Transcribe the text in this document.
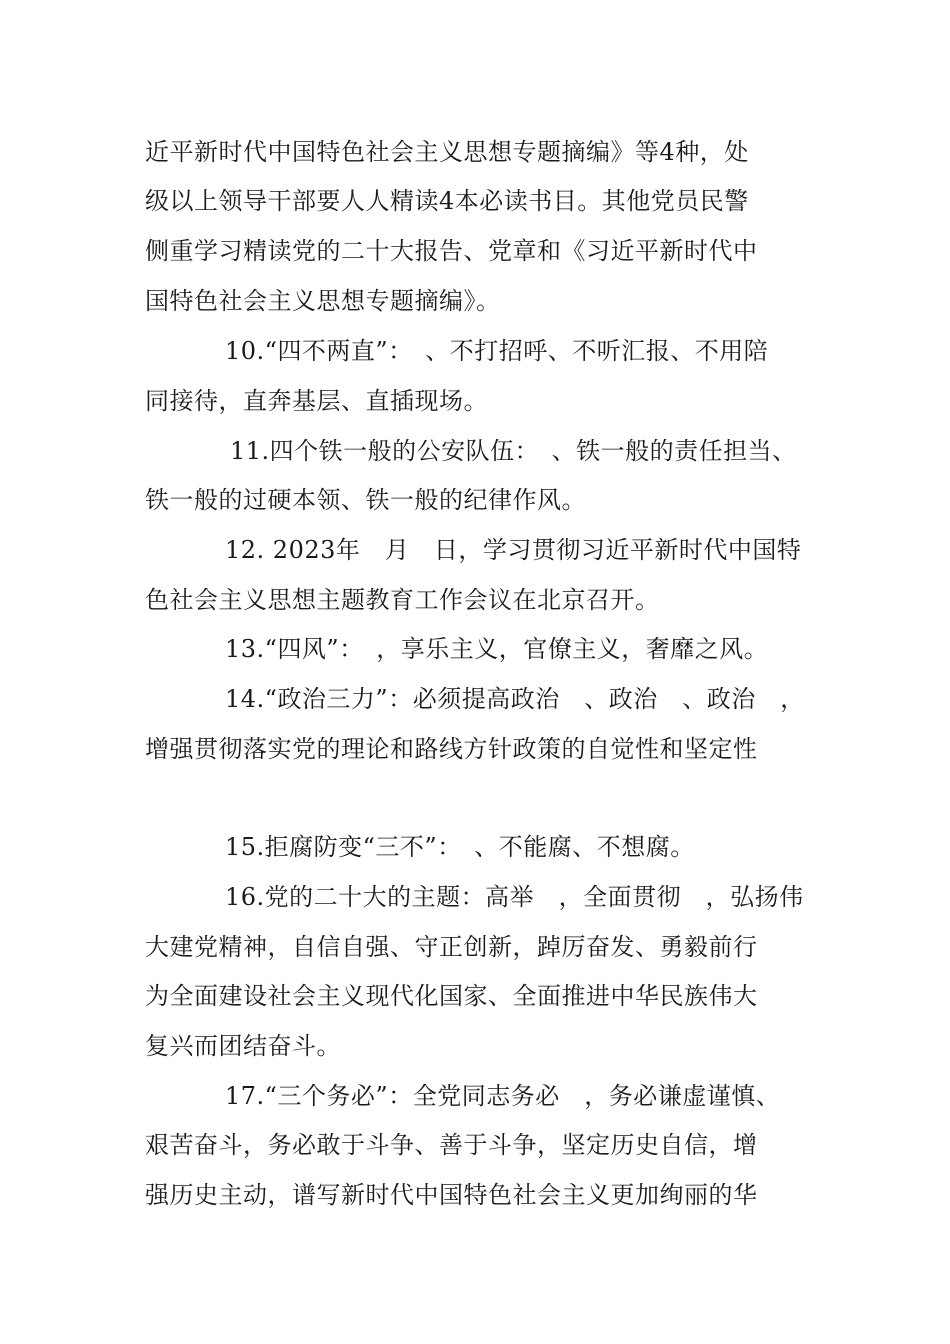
近平新时代中国特色社会主义思想专题摘编》等4种，处
级以上领导干部要人人精读4本必读书目。其他党员民警
侧重学习精读党的二十大报告、党章和《习近平新时代中
国特色社会主义思想专题摘编》。
10.“四不两直”：　、不打招呼、不听汇报、不用陪
同接待，直奔基层、直插现场。
11.四个铁一般的公安队伍：　、铁一般的责任担当、
铁一般的过硬本领、铁一般的纪律作风。
12. 2023年　月　日，学习贯彻习近平新时代中国特
色社会主义思想主题教育工作会议在北京召开。
13.“四风”：　，享乐主义，官僚主义，奢靡之风。
14.“政治三力”：必须提高政治　、政治　、政治　，
增强贯彻落实党的理论和路线方针政策的自觉性和坚定性
15.拒腐防变“三不”：　、不能腐、不想腐。
16.党的二十大的主题：高举　，全面贯彻　，弘扬伟
大建党精神，自信自强、守正创新，踔厉奋发、勇毅前行
为全面建设社会主义现代化国家、全面推进中华民族伟大
复兴而团结奋斗。
17.“三个务必”：全党同志务必　，务必谦虚谨慎、
艰苦奋斗，务必敢于斗争、善于斗争，坚定历史自信，增
强历史主动，谱写新时代中国特色社会主义更加绚丽的华
